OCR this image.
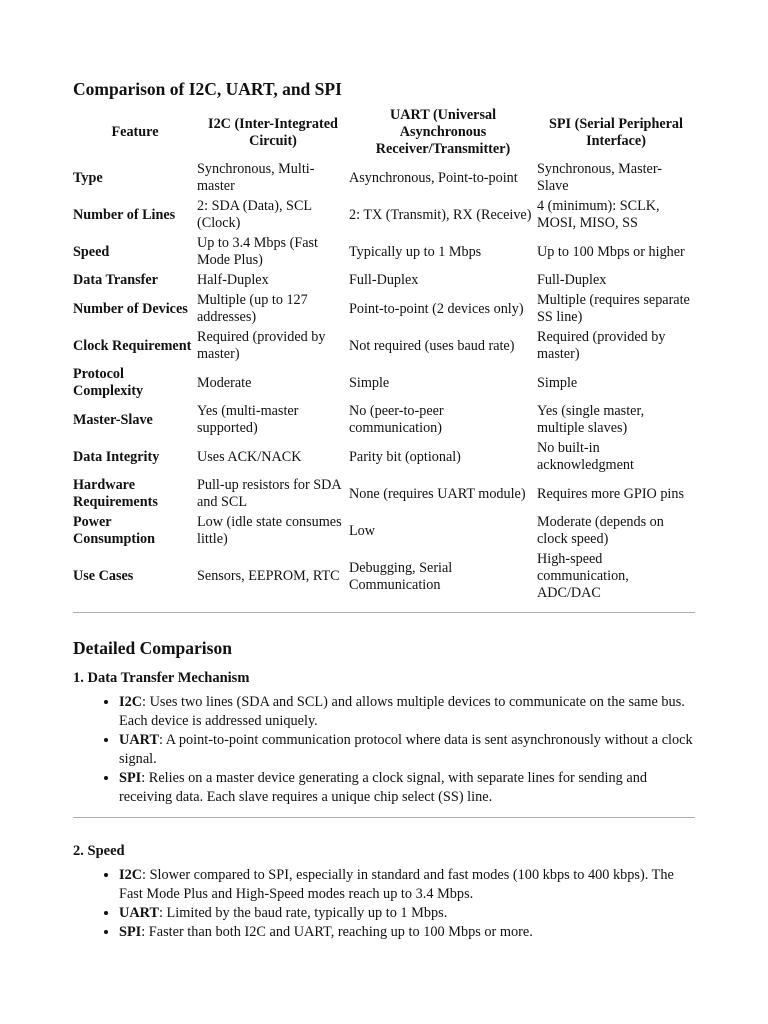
Comparison of I2C, UART, and SPI
Feature	I2C (Inter-Integrated Circuit)	UART (Universal Asynchronous Receiver/Transmitter)	SPI (Serial Peripheral Interface)
Type	Synchronous, Multi-master	Asynchronous, Point-to-point	Synchronous, Master-Slave
Number of Lines	2: SDA (Data), SCL (Clock)	2: TX (Transmit), RX (Receive)	4 (minimum): SCLK, MOSI, MISO, SS
Speed	Up to 3.4 Mbps (Fast Mode Plus)	Typically up to 1 Mbps	Up to 100 Mbps or higher
Data Transfer	Half-Duplex	Full-Duplex	Full-Duplex
Number of Devices	Multiple (up to 127 addresses)	Point-to-point (2 devices only)	Multiple (requires separate SS line)
Clock Requirement	Required (provided by master)	Not required (uses baud rate)	Required (provided by master)
Protocol Complexity	Moderate	Simple	Simple
Master-Slave	Yes (multi-master supported)	No (peer-to-peer communication)	Yes (single master, multiple slaves)
Data Integrity	Uses ACK/NACK	Parity bit (optional)	No built-in acknowledgment
Hardware Requirements	Pull-up resistors for SDA and SCL	None (requires UART module)	Requires more GPIO pins
Power Consumption	Low (idle state consumes little)	Low	Moderate (depends on clock speed)
Use Cases	Sensors, EEPROM, RTC	Debugging, Serial Communication	High-speed communication, ADC/DAC
Detailed Comparison
1. Data Transfer Mechanism
• I2C: Uses two lines (SDA and SCL) and allows multiple devices to communicate on the same bus. Each device is addressed uniquely.
• UART: A point-to-point communication protocol where data is sent asynchronously without a clock signal.
• SPI: Relies on a master device generating a clock signal, with separate lines for sending and receiving data. Each slave requires a unique chip select (SS) line.
2. Speed
• I2C: Slower compared to SPI, especially in standard and fast modes (100 kbps to 400 kbps). The Fast Mode Plus and High-Speed modes reach up to 3.4 Mbps.
• UART: Limited by the baud rate, typically up to 1 Mbps.
• SPI: Faster than both I2C and UART, reaching up to 100 Mbps or more.
